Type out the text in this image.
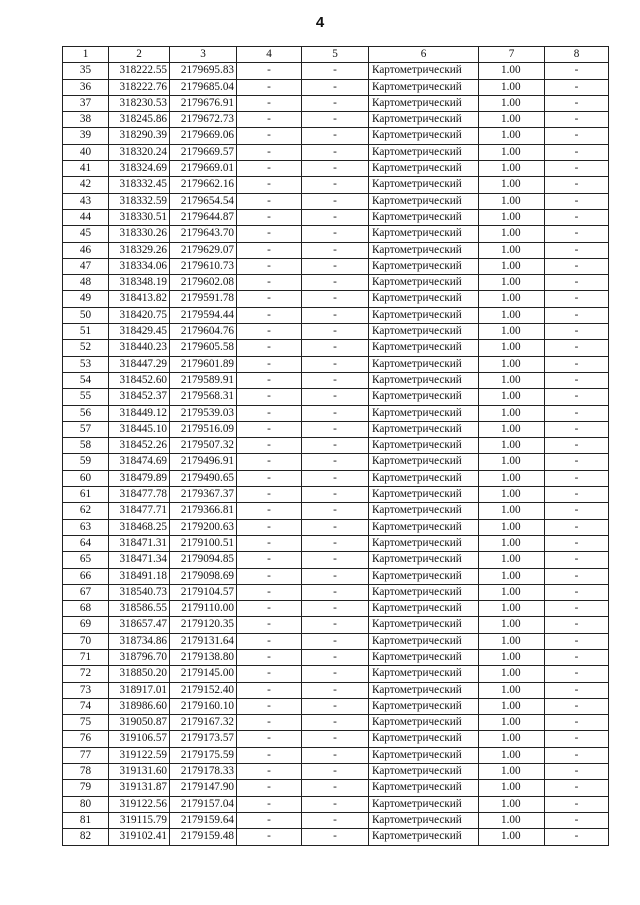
4
1	2	3	4	5	6	7	8
35	318222.55	2179695.83	-	-	Картометрический	1.00	-
36	318222.76	2179685.04	-	-	Картометрический	1.00	-
37	318230.53	2179676.91	-	-	Картометрический	1.00	-
38	318245.86	2179672.73	-	-	Картометрический	1.00	-
39	318290.39	2179669.06	-	-	Картометрический	1.00	-
40	318320.24	2179669.57	-	-	Картометрический	1.00	-
41	318324.69	2179669.01	-	-	Картометрический	1.00	-
42	318332.45	2179662.16	-	-	Картометрический	1.00	-
43	318332.59	2179654.54	-	-	Картометрический	1.00	-
44	318330.51	2179644.87	-	-	Картометрический	1.00	-
45	318330.26	2179643.70	-	-	Картометрический	1.00	-
46	318329.26	2179629.07	-	-	Картометрический	1.00	-
47	318334.06	2179610.73	-	-	Картометрический	1.00	-
48	318348.19	2179602.08	-	-	Картометрический	1.00	-
49	318413.82	2179591.78	-	-	Картометрический	1.00	-
50	318420.75	2179594.44	-	-	Картометрический	1.00	-
51	318429.45	2179604.76	-	-	Картометрический	1.00	-
52	318440.23	2179605.58	-	-	Картометрический	1.00	-
53	318447.29	2179601.89	-	-	Картометрический	1.00	-
54	318452.60	2179589.91	-	-	Картометрический	1.00	-
55	318452.37	2179568.31	-	-	Картометрический	1.00	-
56	318449.12	2179539.03	-	-	Картометрический	1.00	-
57	318445.10	2179516.09	-	-	Картометрический	1.00	-
58	318452.26	2179507.32	-	-	Картометрический	1.00	-
59	318474.69	2179496.91	-	-	Картометрический	1.00	-
60	318479.89	2179490.65	-	-	Картометрический	1.00	-
61	318477.78	2179367.37	-	-	Картометрический	1.00	-
62	318477.71	2179366.81	-	-	Картометрический	1.00	-
63	318468.25	2179200.63	-	-	Картометрический	1.00	-
64	318471.31	2179100.51	-	-	Картометрический	1.00	-
65	318471.34	2179094.85	-	-	Картометрический	1.00	-
66	318491.18	2179098.69	-	-	Картометрический	1.00	-
67	318540.73	2179104.57	-	-	Картометрический	1.00	-
68	318586.55	2179110.00	-	-	Картометрический	1.00	-
69	318657.47	2179120.35	-	-	Картометрический	1.00	-
70	318734.86	2179131.64	-	-	Картометрический	1.00	-
71	318796.70	2179138.80	-	-	Картометрический	1.00	-
72	318850.20	2179145.00	-	-	Картометрический	1.00	-
73	318917.01	2179152.40	-	-	Картометрический	1.00	-
74	318986.60	2179160.10	-	-	Картометрический	1.00	-
75	319050.87	2179167.32	-	-	Картометрический	1.00	-
76	319106.57	2179173.57	-	-	Картометрический	1.00	-
77	319122.59	2179175.59	-	-	Картометрический	1.00	-
78	319131.60	2179178.33	-	-	Картометрический	1.00	-
79	319131.87	2179147.90	-	-	Картометрический	1.00	-
80	319122.56	2179157.04	-	-	Картометрический	1.00	-
81	319115.79	2179159.64	-	-	Картометрический	1.00	-
82	319102.41	2179159.48	-	-	Картометрический	1.00	-
